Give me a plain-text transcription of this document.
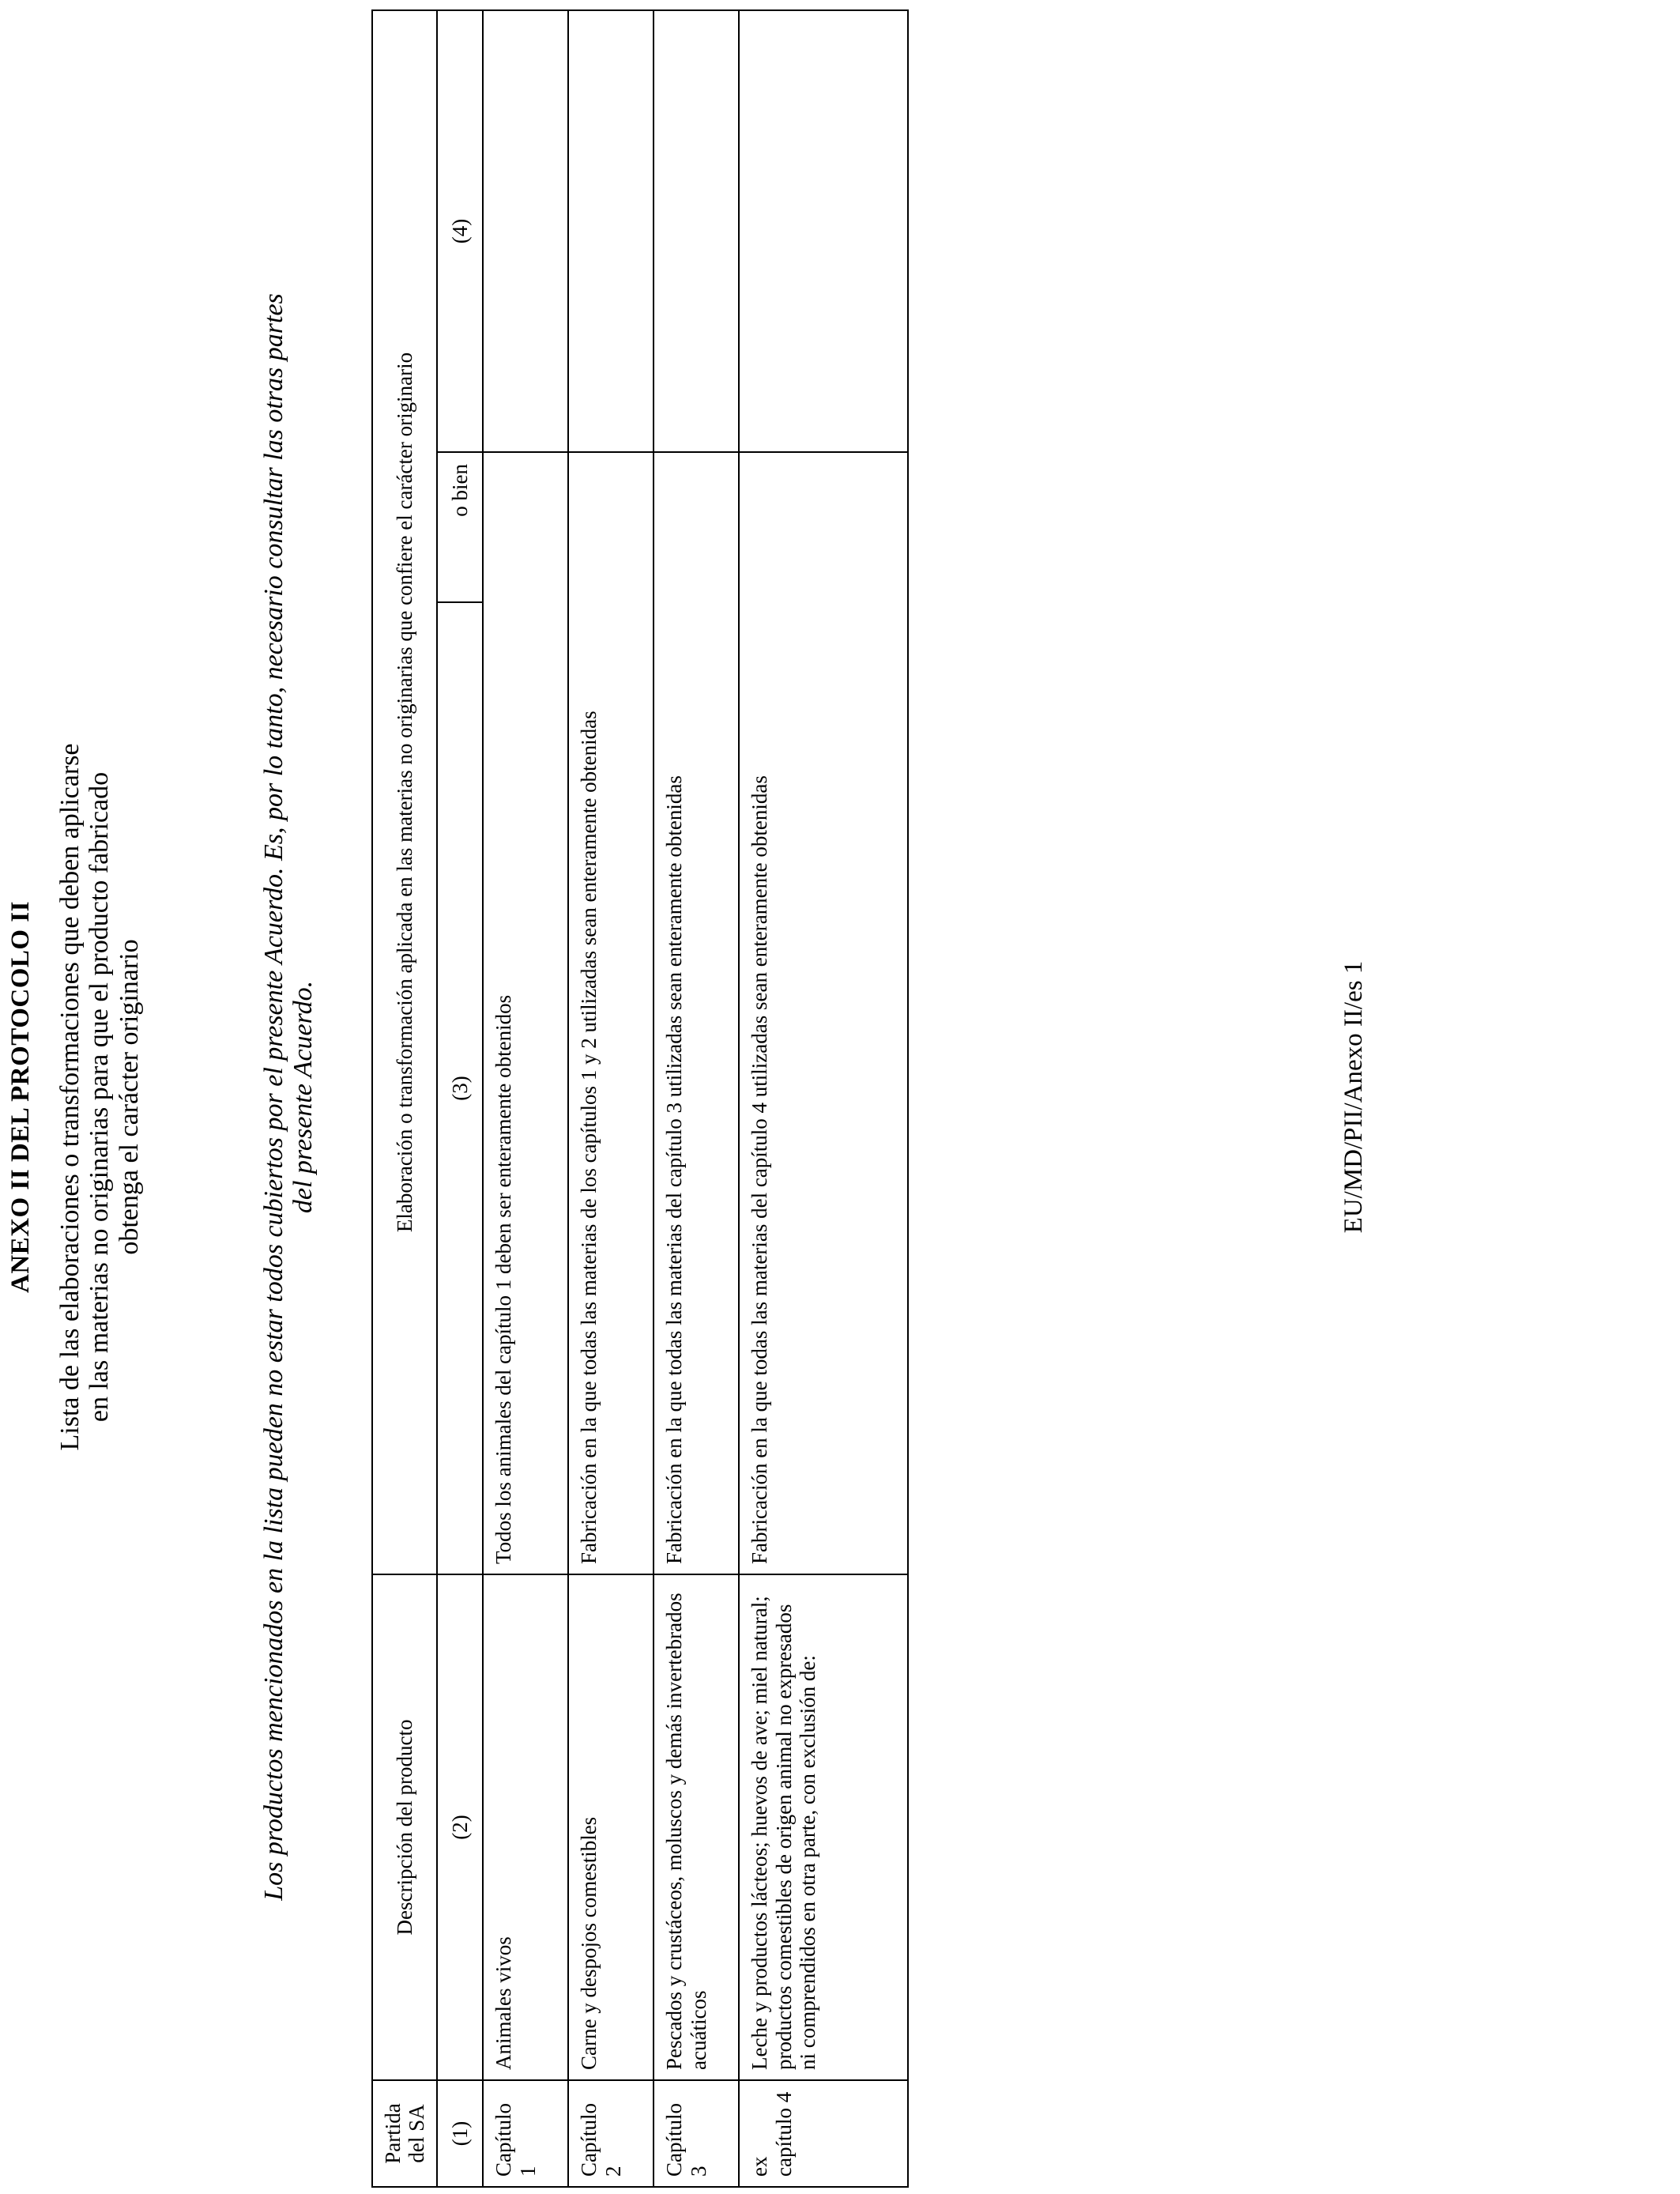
ANEXO II DEL PROTOCOLO II Lista de las elaboraciones o transformaciones que deben aplicarse en las materias no originarias para que el producto fabricado obtenga el carácter originario	Los productos mencionados en la lista pueden no estar todos cubiertos por el presente Acuerdo. Es, por lo tanto, necesario consultar las otras partes del presente Acuerdo.
Partida del SA	Descripción del producto	Elaboración o transformación aplicada en las materias no originarias que confiere el carácter originario		
(1)	(2)	(3)	o bien	(4)
Capítulo 1	Animales vivos	Todos los animales del capítulo 1 deben ser enteramente obtenidos		
Capítulo 2	Carne y despojos comestibles	Fabricación en la que todas las materias de los capítulos 1 y 2 utilizadas sean enteramente obtenidas		
Capítulo 3	Pescados y crustáceos, moluscos y demás invertebrados acuáticos	Fabricación en la que todas las materias del capítulo 3 utilizadas sean enteramente obtenidas		
ex capítulo 4	Leche y productos lácteos; huevos de ave; miel natural; productos comestibles de origen animal no expresados ni comprendidos en otra parte, con exclusión de:	Fabricación en la que todas las materias del capítulo 4 utilizadas sean enteramente obtenidas			EU/MD/PII/Anexo II/es 1
